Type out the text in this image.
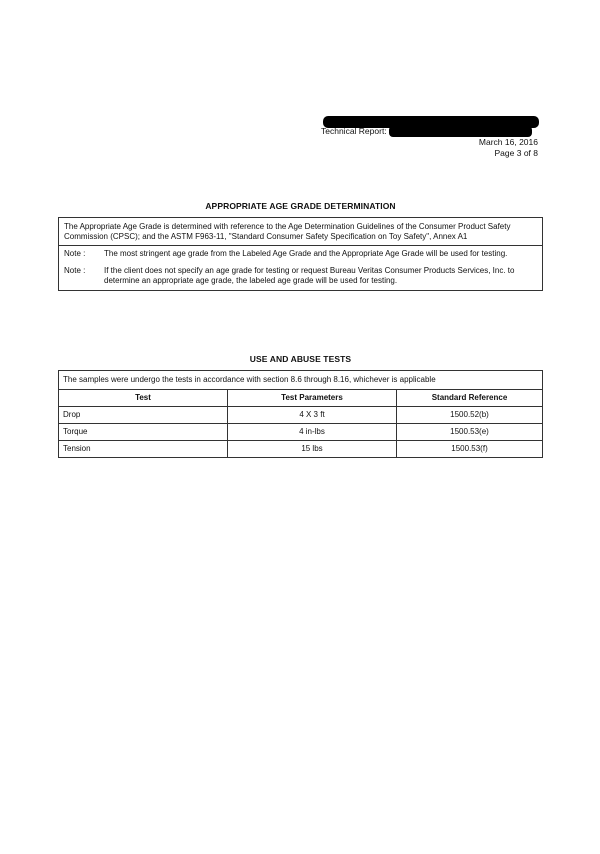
Technical Report:
March 16, 2016
Page 3 of 8
APPROPRIATE AGE GRADE DETERMINATION
The Appropriate Age Grade is determined with reference to the Age Determination Guidelines of the Consumer Product Safety Commission (CPSC); and the ASTM F963-11, "Standard Consumer Safety Specification on Toy Safety", Annex A1
Note :	The most stringent age grade from the Labeled Age Grade and the Appropriate Age Grade will be used for testing.
Note :	If the client does not specify an age grade for testing or request Bureau Veritas Consumer Products Services, Inc. to determine an appropriate age grade, the labeled age grade will be used for testing.
USE AND ABUSE TESTS
The samples were undergo the tests in accordance with section 8.6 through 8.16, whichever is applicable		
Test	Test Parameters	Standard Reference
Drop	4 X 3 ft	1500.52(b)
Torque	4 in-lbs	1500.53(e)
Tension	15 lbs	1500.53(f)
